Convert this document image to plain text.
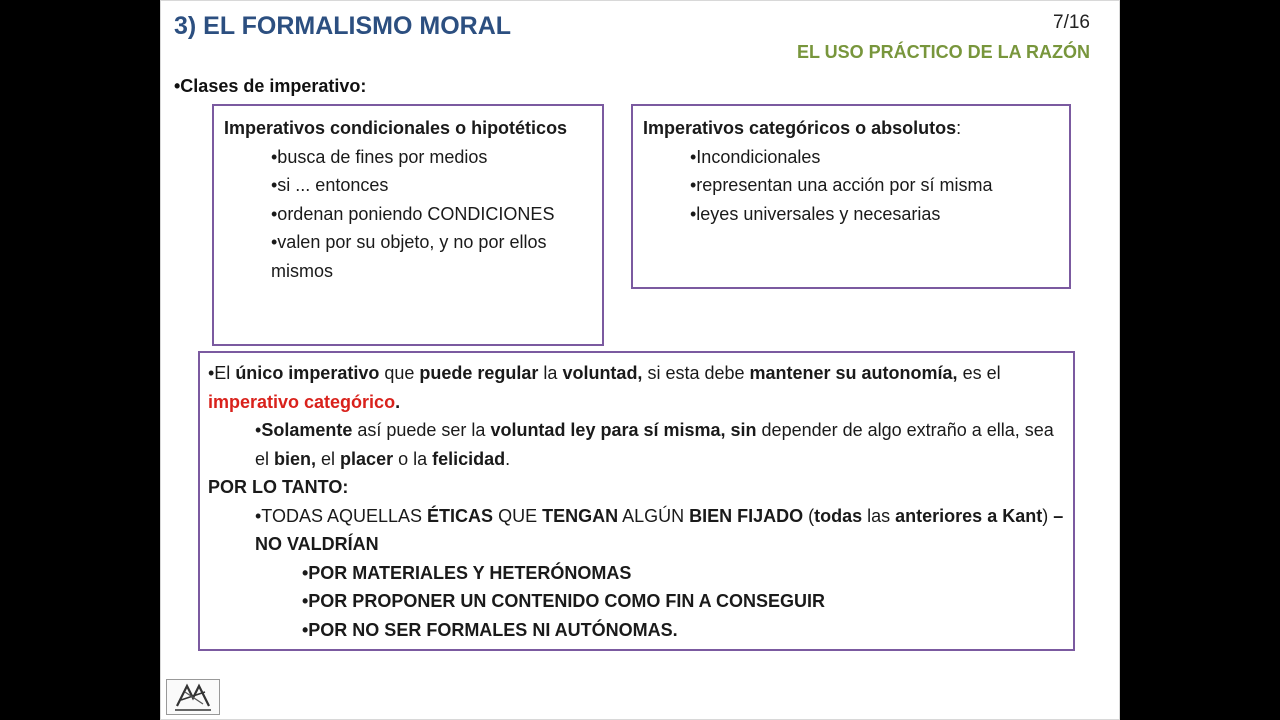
3) EL FORMALISMO MORAL	7/16
EL USO PRÁCTICO DE LA RAZÓN
•Clases de imperativo:
Imperativos condicionales o hipotéticos
•busca de fines por medios
•si ... entonces
•ordenan poniendo CONDICIONES
•valen por su objeto, y no por ellos mismos
Imperativos categóricos o absolutos:
•Incondicionales
•representan una acción por sí misma
•leyes universales y necesarias
•El único imperativo que puede regular la voluntad, si esta debe mantener su autonomía, es el imperativo categórico.
•Solamente así puede ser la voluntad ley para sí misma, sin depender de algo extraño a ella, sea el bien, el placer o la felicidad.
POR LO TANTO:
•TODAS AQUELLAS ÉTICAS QUE TENGAN ALGÚN BIEN FIJADO (todas las anteriores a Kant) – NO VALDRÍAN
•POR MATERIALES Y HETERÓNOMAS
•POR PROPONER UN CONTENIDO COMO FIN A CONSEGUIR
•POR NO SER FORMALES NI AUTÓNOMAS.
